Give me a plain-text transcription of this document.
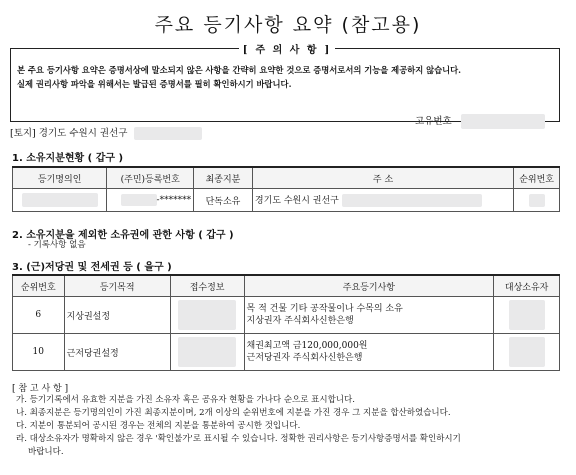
주요 등기사항 요약 (참고용)
[ 주 의 사 항 ]
본 주요 등기사항 요약은 증명서상에 말소되지 않은 사항을 간략히 요약한 것으로 증명서로서의 기능을 제공하지 않습니다.
실제 권리사항 파악을 위해서는 발급된 증명서를 필히 확인하시기 바랍니다.
고유번호
[토지] 경기도 수원시 권선구
1. 소유지분현황 ( 갑구 )
등기명의인	(주민)등록번호	최종지분	주 소	순위번호
	-*******	단독소유	경기도 수원시 권선구	
2. 소유지분을 제외한 소유권에 관한 사항 ( 갑구 )
- 기록사항 없음
3. (근)저당권 및 전세권 등 ( 을구 )
순위번호	등기목적	접수정보	주요등기사항	대상소유자
6	지상권설정		목 적 건물 기타 공작물이나 수목의 소유
지상권자 주식회사신한은행	

10	근저당권설정		채권최고액 금120,000,000원
근저당권자 주식회사신한은행	

[ 참 고 사 항 ]
가. 등기기록에서 유효한 지분을 가진 소유자 혹은 공유자 현황을 가나다 순으로 표시합니다.
나. 최종지분은 등기명의인이 가진 최종지분이며, 2개 이상의 순위번호에 지분을 가진 경우 그 지분을 합산하였습니다.
다. 지분이 통분되어 공시된 경우는 전체의 지분을 통분하여 공시한 것입니다.
라. 대상소유자가 명확하지 않은 경우 '확인불가'로 표시될 수 있습니다. 정확한 권리사항은 등기사항증명서를 확인하시기
바랍니다.
